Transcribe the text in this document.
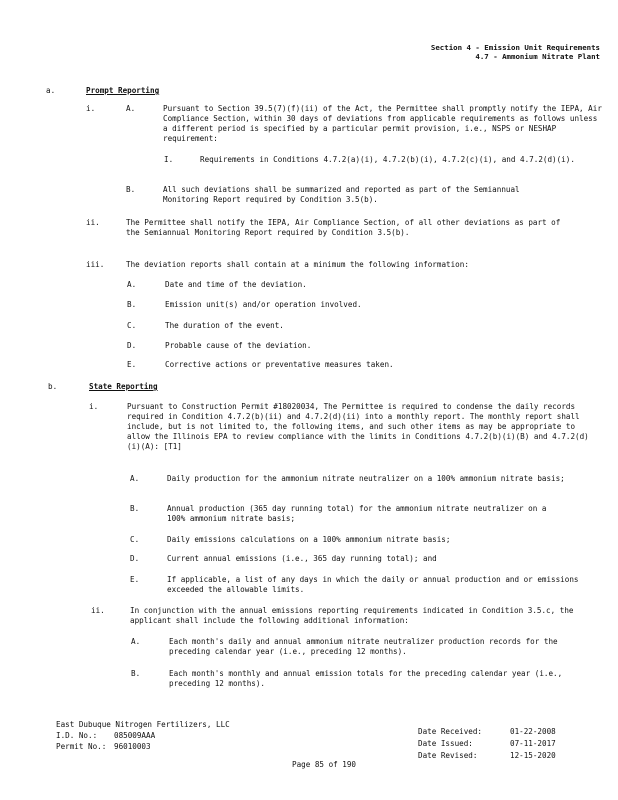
Section 4 - Emission Unit Requirements
4.7 - Ammonium Nitrate Plant
a.	Prompt Reporting
i.	A.	Pursuant to Section 39.5(7)(f)(ii) of the Act, the Permittee shall promptly notify the IEPA, Air Compliance Section, within 30 days of deviations from applicable requirements as follows unless a different period is specified by a particular permit provision, i.e., NSPS or NESHAP requirement:
I.	Requirements in Conditions 4.7.2(a)(i), 4.7.2(b)(i), 4.7.2(c)(i), and 4.7.2(d)(i).
B.	All such deviations shall be summarized and reported as part of the Semiannual Monitoring Report required by Condition 3.5(b).
ii.	The Permittee shall notify the IEPA, Air Compliance Section, of all other deviations as part of the Semiannual Monitoring Report required by Condition 3.5(b).
iii.	The deviation reports shall contain at a minimum the following information:
A.	Date and time of the deviation.
B.	Emission unit(s) and/or operation involved.
C.	The duration of the event.
D.	Probable cause of the deviation.
E.	Corrective actions or preventative measures taken.
b.	State Reporting
i.	Pursuant to Construction Permit #18020034, The Permittee is required to condense the daily records required in Condition 4.7.2(b)(ii) and 4.7.2(d)(ii) into a monthly report. The monthly report shall include, but is not limited to, the following items, and such other items as may be appropriate to allow the Illinois EPA to review compliance with the limits in Conditions 4.7.2(b)(i)(B) and 4.7.2(d)(i)(A): [T1]
A.	Daily production for the ammonium nitrate neutralizer on a 100% ammonium nitrate basis;
B.	Annual production (365 day running total) for the ammonium nitrate neutralizer on a 100% ammonium nitrate basis;
C.	Daily emissions calculations on a 100% ammonium nitrate basis;
D.	Current annual emissions (i.e., 365 day running total); and
E.	If applicable, a list of any days in which the daily or annual production and or emissions exceeded the allowable limits.
ii.	In conjunction with the annual emissions reporting requirements indicated in Condition 3.5.c, the applicant shall include the following additional information:
A.	Each month's daily and annual ammonium nitrate neutralizer production records for the preceding calendar year (i.e., preceding 12 months).
B.	Each month's monthly and annual emission totals for the preceding calendar year (i.e., preceding 12 months).
East Dubuque Nitrogen Fertilizers, LLC
I.D. No.: 085009AAA
Permit No.: 96010003
Date Received:	01-22-2008
Date Issued:	07-11-2017
Date Revised:	12-15-2020
Page 85 of 190
